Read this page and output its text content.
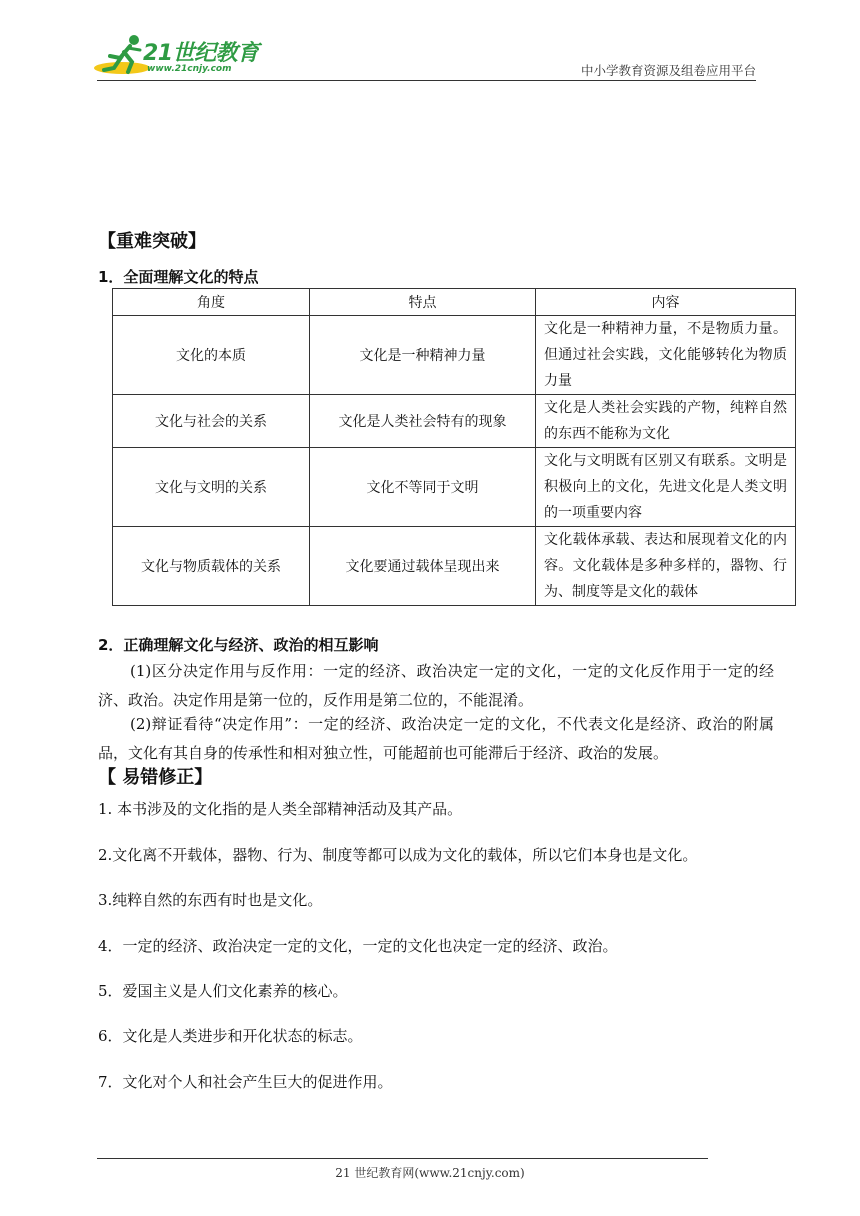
21世纪教育
www.21cnjy.com	中小学教育资源及组卷应用平台
【重难突破】
1．全面理解文化的特点
角度	特点	内容
文化的本质	文化是一种精神力量	文化是一种精神力量，不是物质力量。但通过社会实践，文化能够转化为物质力量
文化与社会的关系	文化是人类社会特有的现象	文化是人类社会实践的产物，纯粹自然的东西不能称为文化
文化与文明的关系	文化不等同于文明	文化与文明既有区别又有联系。文明是积极向上的文化，先进文化是人类文明的一项重要内容
文化与物质载体的关系	文化要通过载体呈现出来	文化载体承载、表达和展现着文化的内容。文化载体是多种多样的，器物、行为、制度等是文化的载体
2．正确理解文化与经济、政治的相互影响
(1)区分决定作用与反作用：一定的经济、政治决定一定的文化，一定的文化反作用于一定的经济、政治。决定作用是第一位的，反作用是第二位的，不能混淆。
(2)辩证看待“决定作用”：一定的经济、政治决定一定的文化，不代表文化是经济、政治的附属品，文化有其自身的传承性和相对独立性，可能超前也可能滞后于经济、政治的发展。
【 易错修正】
1. 本书涉及的文化指的是人类全部精神活动及其产品。
2.文化离不开载体，器物、行为、制度等都可以成为文化的载体，所以它们本身也是文化。
3.纯粹自然的东西有时也是文化。
4．一定的经济、政治决定一定的文化，一定的文化也决定一定的经济、政治。
5．爱国主义是人们文化素养的核心。
6．文化是人类进步和开化状态的标志。
7．文化对个人和社会产生巨大的促进作用。
21 世纪教育网(www.21cnjy.com)
